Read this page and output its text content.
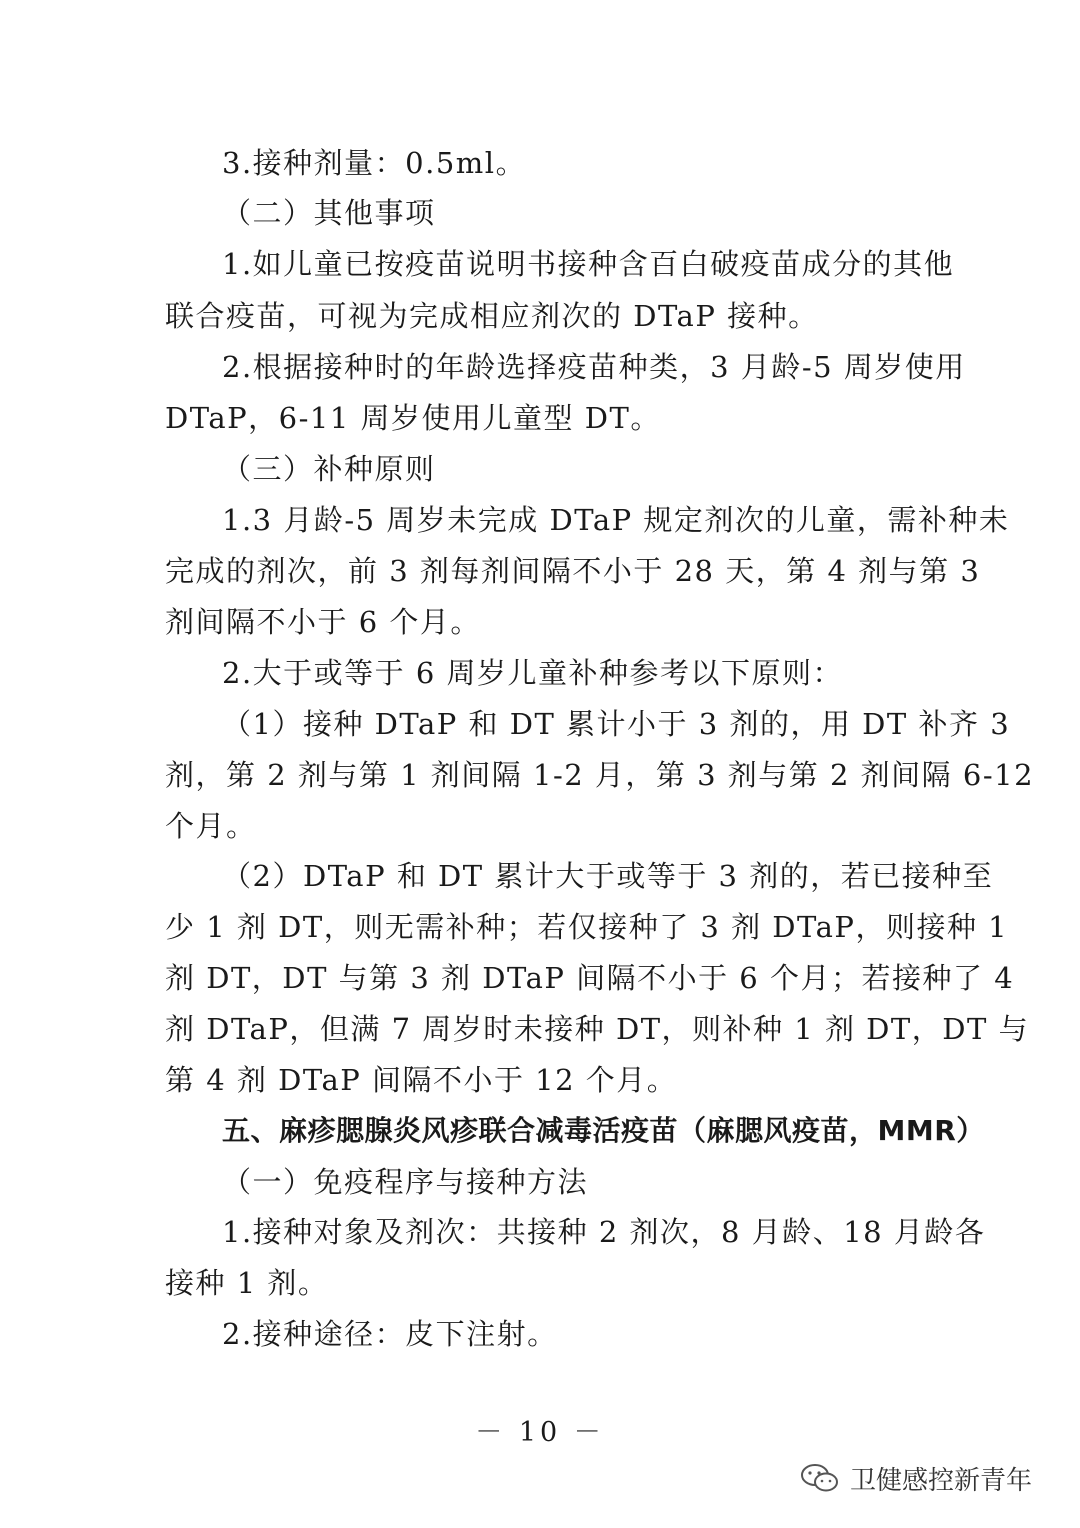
3.接种剂量：0.5ml。
（二）其他事项
1.如儿童已按疫苗说明书接种含百白破疫苗成分的其他
联合疫苗，可视为完成相应剂次的 DTaP 接种。
2.根据接种时的年龄选择疫苗种类，3 月龄-5 周岁使用
DTaP，6-11 周岁使用儿童型 DT。
（三）补种原则
1.3 月龄-5 周岁未完成 DTaP 规定剂次的儿童，需补种未
完成的剂次，前 3 剂每剂间隔不小于 28 天，第 4 剂与第 3
剂间隔不小于 6 个月。
2.大于或等于 6 周岁儿童补种参考以下原则：
（1）接种 DTaP 和 DT 累计小于 3 剂的，用 DT 补齐 3
剂，第 2 剂与第 1 剂间隔 1-2 月，第 3 剂与第 2 剂间隔 6-12
个月。
（2）DTaP 和 DT 累计大于或等于 3 剂的，若已接种至
少 1 剂 DT，则无需补种；若仅接种了 3 剂 DTaP，则接种 1
剂 DT，DT 与第 3 剂 DTaP 间隔不小于 6 个月；若接种了 4
剂 DTaP，但满 7 周岁时未接种 DT，则补种 1 剂 DT，DT 与
第 4 剂 DTaP 间隔不小于 12 个月。
五、麻疹腮腺炎风疹联合减毒活疫苗（麻腮风疫苗，MMR）
（一）免疫程序与接种方法
1.接种对象及剂次：共接种 2 剂次，8 月龄、18 月龄各
接种 1 剂。
2.接种途径：皮下注射。
－ 10 －
卫健感控新青年
